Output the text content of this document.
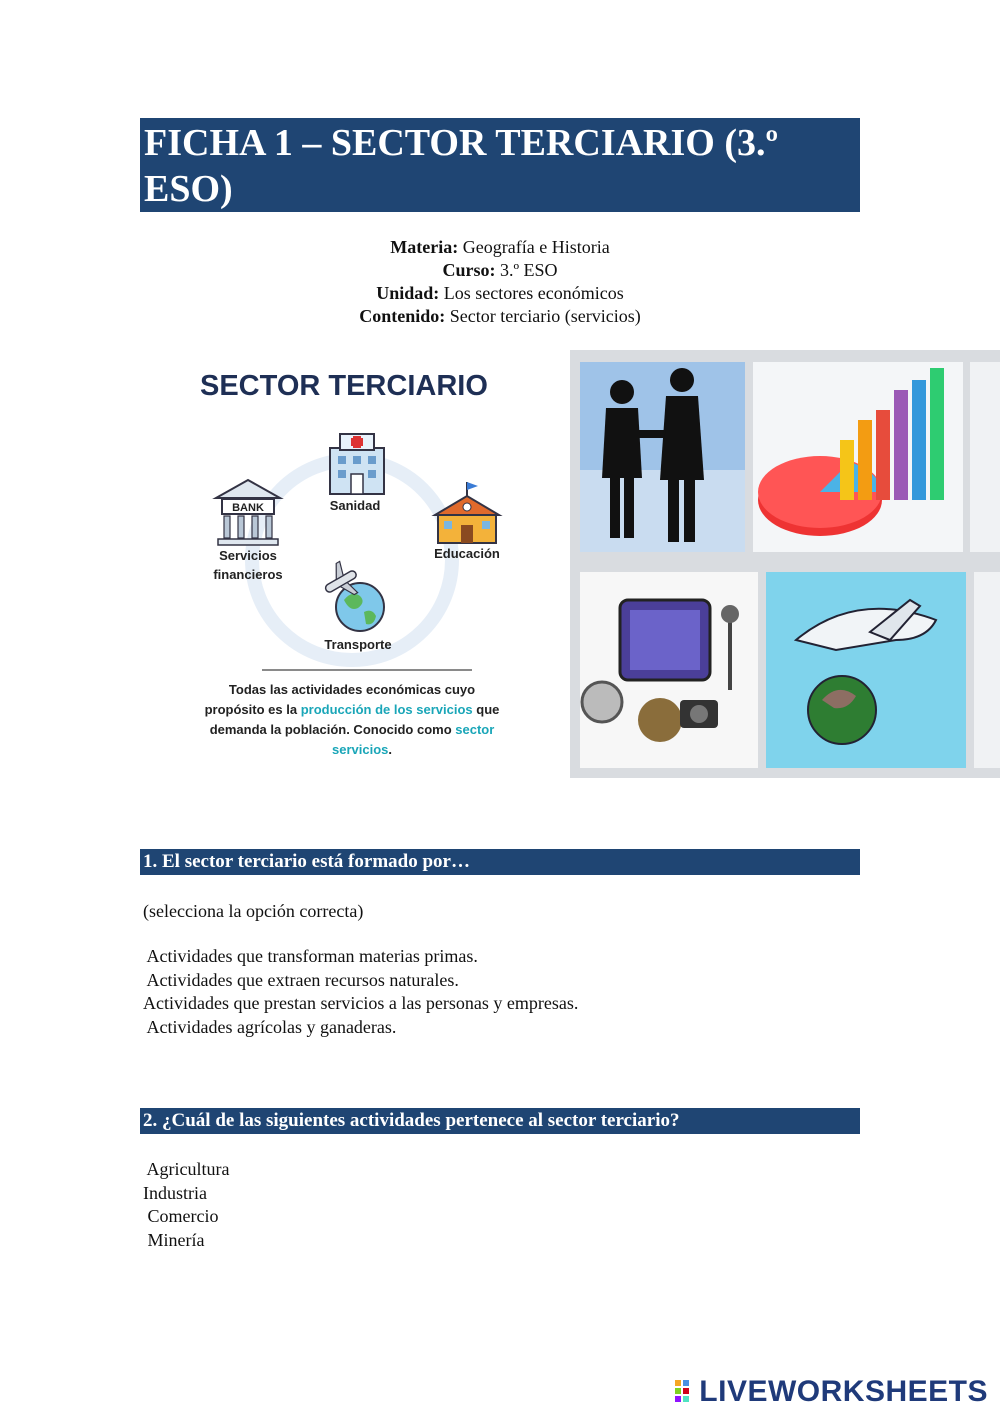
FICHA 1 – SECTOR TERCIARIO (3.º
ESO)
Materia: Geografía e Historia
Curso: 3.º ESO
Unidad: Los sectores económicos
Contenido: Sector terciario (servicios)
SECTOR TERCIARIO
Sanidad
BANK
Servicios
financieros
Educación
Transporte
Todas las actividades económicas cuyo
propósito es la producción de los servicios que
demanda la población. Conocido como sector
servicios.
1. El sector terciario está formado por…
(selecciona la opción correcta)
Actividades que transforman materias primas.
Actividades que extraen recursos naturales.
Actividades que prestan servicios a las personas y empresas.
Actividades agrícolas y ganaderas.
2. ¿Cuál de las siguientes actividades pertenece al sector terciario?
Agricultura
Industria
Comercio
Minería
LIVEWORKSHEETS
